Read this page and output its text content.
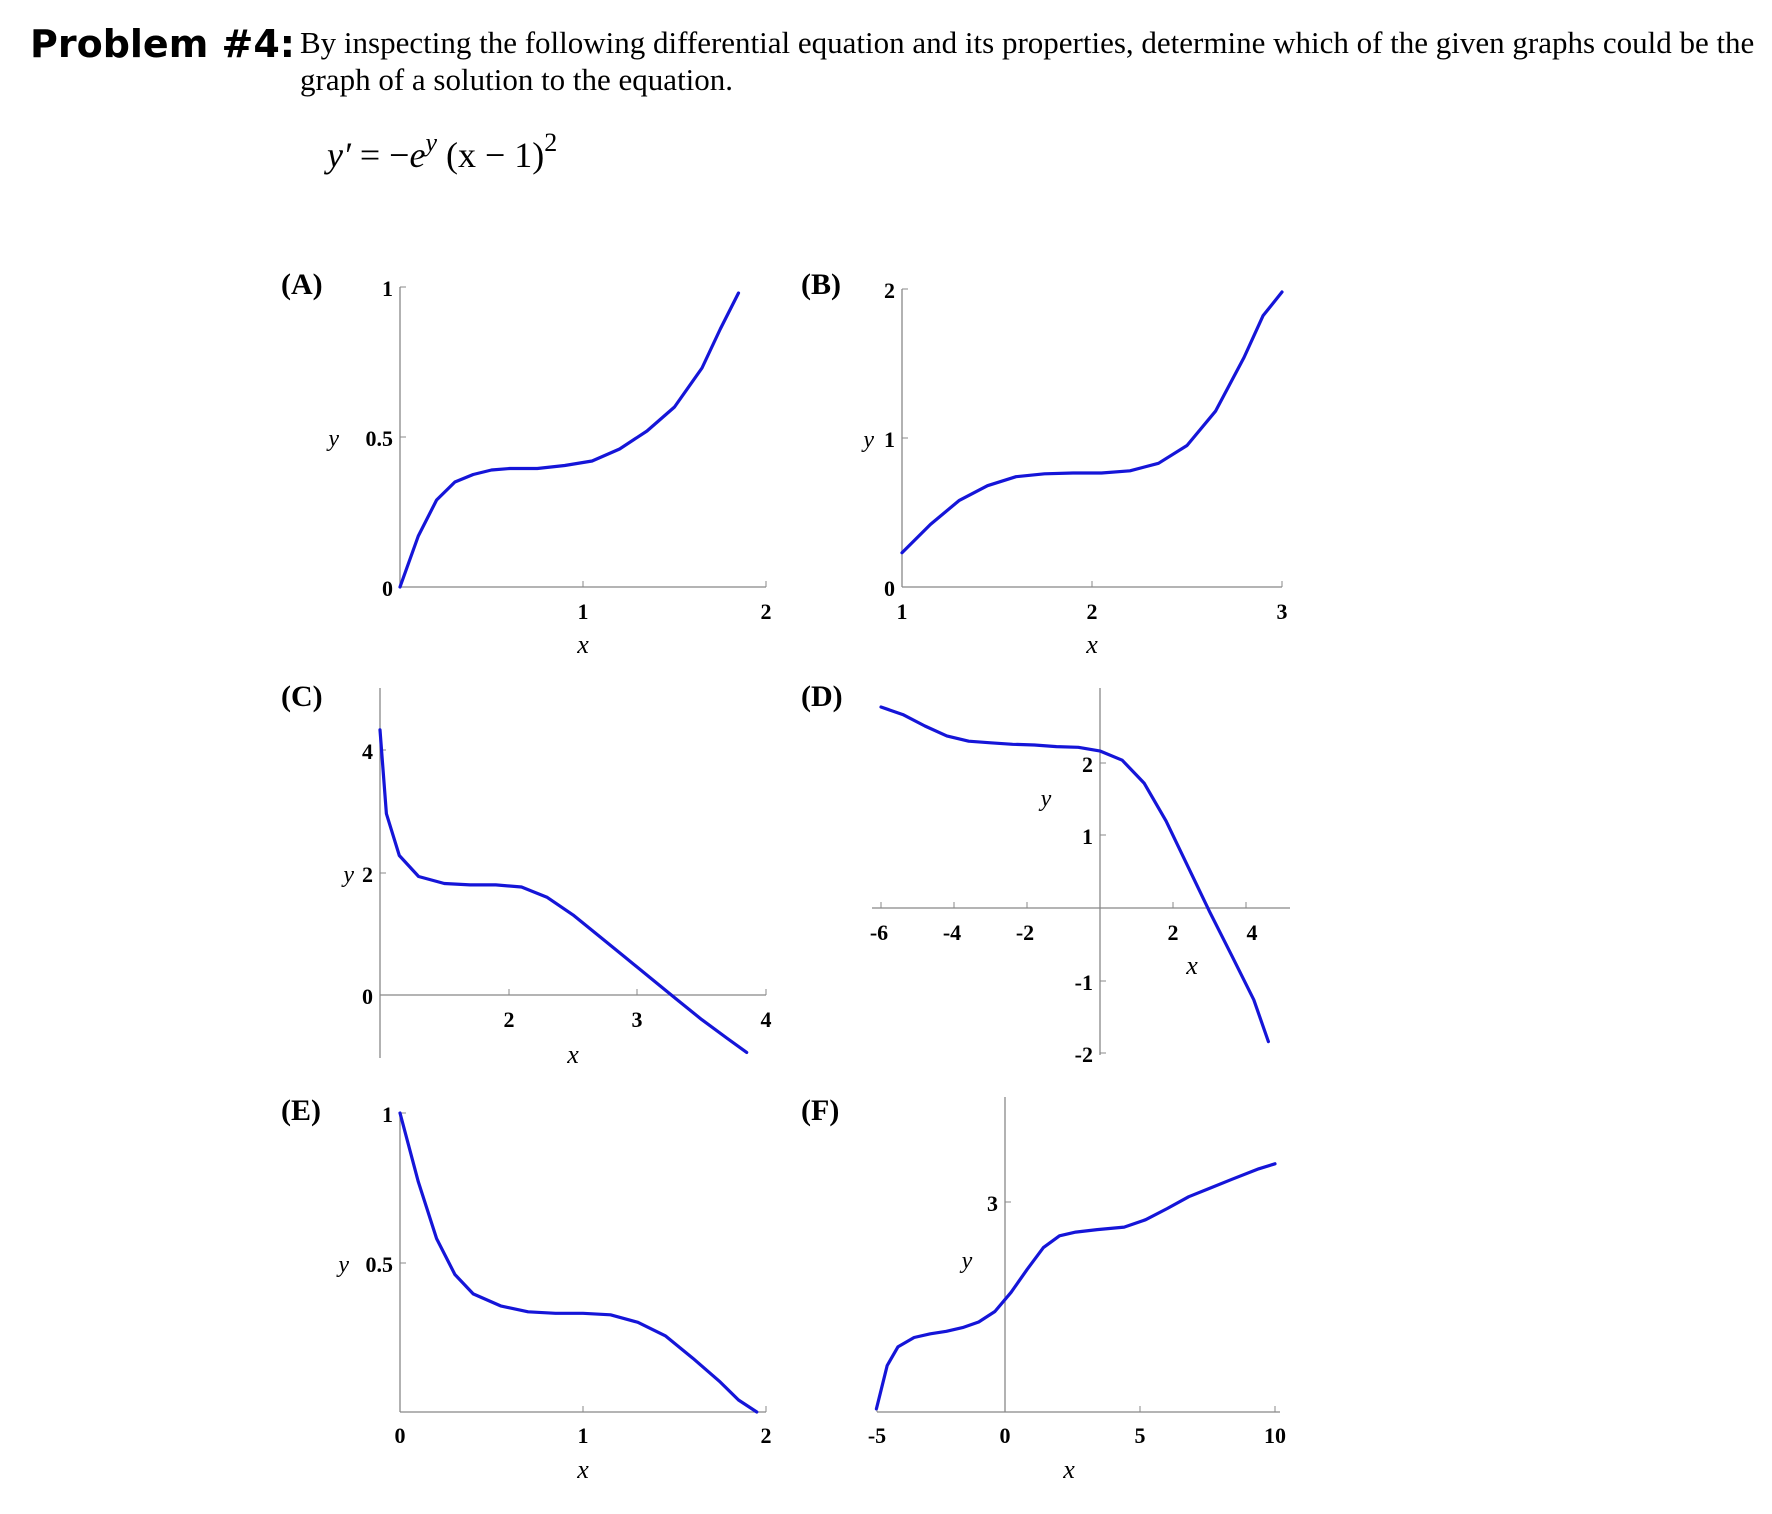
Problem #4: By inspecting the following differential equation and its properties, determine which of the given graphs could be the graph of a solution to the equation.
$y' = -e^y$ $(x - 1)^2$
(A)
0
0.5
1
y
1	2
x
(B)
0
1
2
y
1	2	3
x
(C)
0
2
4
y
2	3	4
x
(D)
-2
-1
1
2
y
-6 -4 -2	2	4
x
(E)
0.5
1
y
0	1	2
x
(F)
3
y
-5	0	5	10
x
